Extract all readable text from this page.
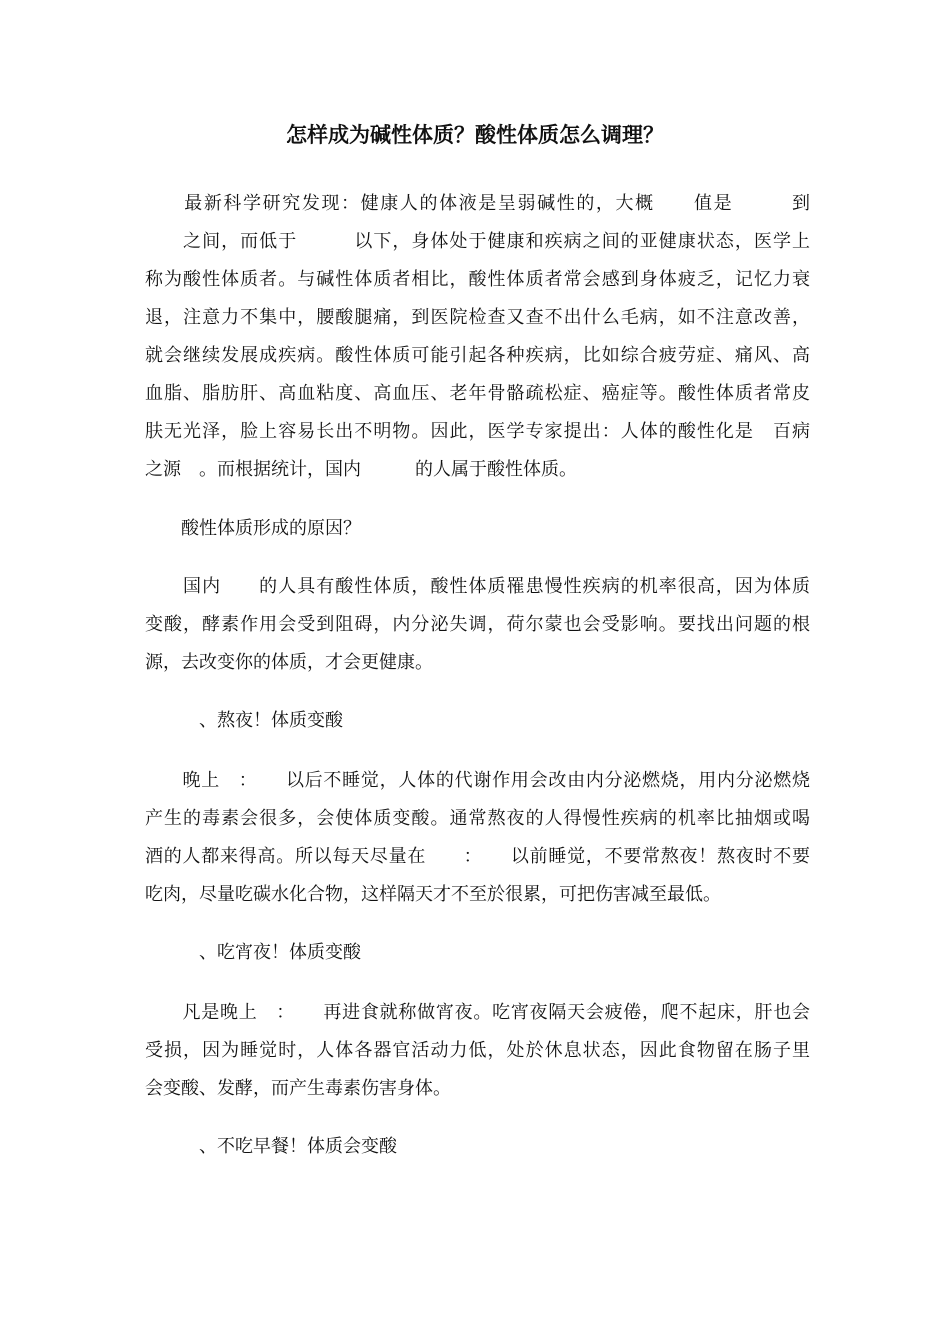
怎样成为碱性体质？酸性体质怎么调理？

　　最新科学研究发现：健康人的体液是呈弱碱性的，大概　　值是　　　到

　　之间，而低于　　　以下，身体处于健康和疾病之间的亚健康状态，医学上

称为酸性体质者。与碱性体质者相比，酸性体质者常会感到身体疲乏，记忆力衰

退，注意力不集中，腰酸腿痛，到医院检查又查不出什么毛病，如不注意改善，

就会继续发展成疾病。酸性体质可能引起各种疾病，比如综合疲劳症、痛风、高

血脂、脂肪肝、高血粘度、高血压、老年骨骼疏松症、癌症等。酸性体质者常皮

肤无光泽，脸上容易长出不明物。因此，医学专家提出：人体的酸性化是　百病

之源　。而根据统计，国内　　　的人属于酸性体质。

　　酸性体质形成的原因？

　　国内　　的人具有酸性体质，酸性体质罹患慢性疾病的机率很高，因为体质

变酸，酵素作用会受到阻碍，内分泌失调，荷尔蒙也会受影响。要找出问题的根

源，去改变你的体质，才会更健康。

　　　、熬夜！体质变酸

　　晚上　：　　以后不睡觉，人体的代谢作用会改由内分泌燃烧，用内分泌燃烧

产生的毒素会很多，会使体质变酸。通常熬夜的人得慢性疾病的机率比抽烟或喝

酒的人都来得高。所以每天尽量在　　：　　以前睡觉，不要常熬夜！熬夜时不要

吃肉，尽量吃碳水化合物，这样隔天才不至於很累，可把伤害减至最低。

　　　、吃宵夜！体质变酸

　　凡是晚上　：　　再进食就称做宵夜。吃宵夜隔天会疲倦，爬不起床，肝也会

受损，因为睡觉时，人体各器官活动力低，处於休息状态，因此食物留在肠子里

会变酸、发酵，而产生毒素伤害身体。

　　　、不吃早餐！体质会变酸
